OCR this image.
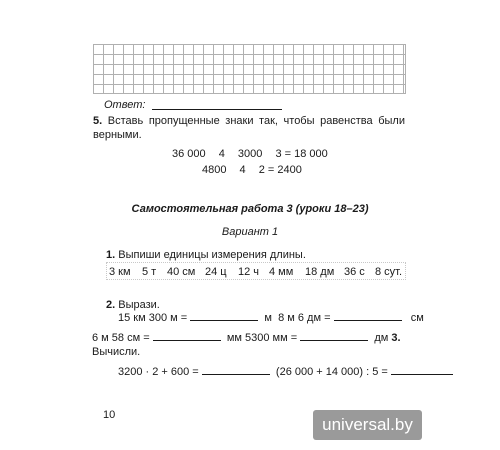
Ответ:
5. Вставь пропущенные знаки так, чтобы равенства были верными.
36 000 4 3000 3 = 18 000
4800 4 2 = 2400
Самостоятельная работа 3 (уроки 18–23)
Вариант 1
1. Выпиши единицы измерения длины.
3 км 5 т 40 см 24 ц 12 ч 4 мм 18 дм 36 с 8 сут.
2. Вырази.
15 км 300 м =	м 8 м 6 дм =	см
6 м 58 см =	мм 5300 мм =	дм 3.
Вычисли.
3200 · 2 + 600 =	(26 000 + 14 000) : 5 =
10	universal.by
